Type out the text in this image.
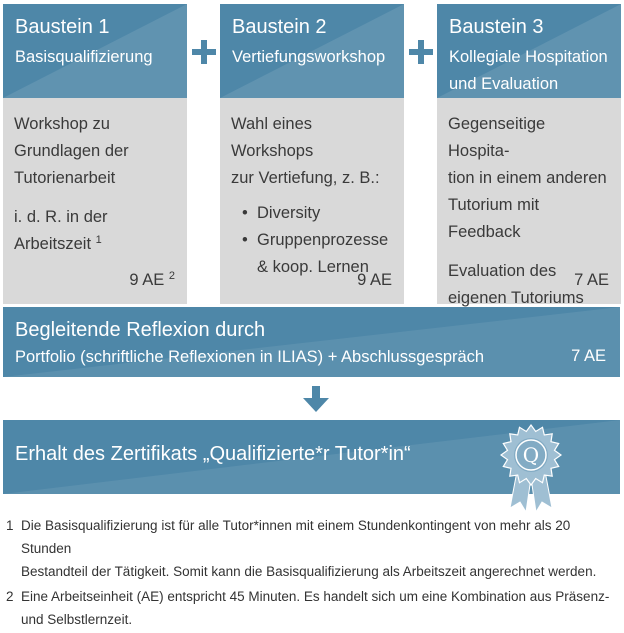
Baustein 1
Basisqualifizierung

Workshop zu
Grundlagen der
Tutorienarbeit

i. d. R. in der
Arbeitszeit $^1$

9 AE $^2$
Baustein 2
Vertiefungsworkshop

Wahl eines Workshops
zur Vertiefung, z. B.:

• Diversity
• Gruppenprozesse
& koop. Lernen
9 AE
Baustein 3
Kollegiale Hospitation
und Evaluation

Gegenseitige Hospita-
tion in einem anderen
Tutorium mit Feedback

Evaluation des
eigenen Tutoriums

7 AE
Begleitende Reflexion durch
Portfolio (schriftliche Reflexionen in ILIAS) + Abschlussgespräch	7 AE
Erhalt des Zertifikats „Qualifizierte*r Tutor*in“	Q
1 Die Basisqualifizierung ist für alle Tutor*innen mit einem Stundenkontingent von mehr als 20 Stunden
Bestandteil der Tätigkeit. Somit kann die Basisqualifizierung als Arbeitszeit angerechnet werden.
2 Eine Arbeitseinheit (AE) entspricht 45 Minuten. Es handelt sich um eine Kombination aus Präsenz-
und Selbstlernzeit.
